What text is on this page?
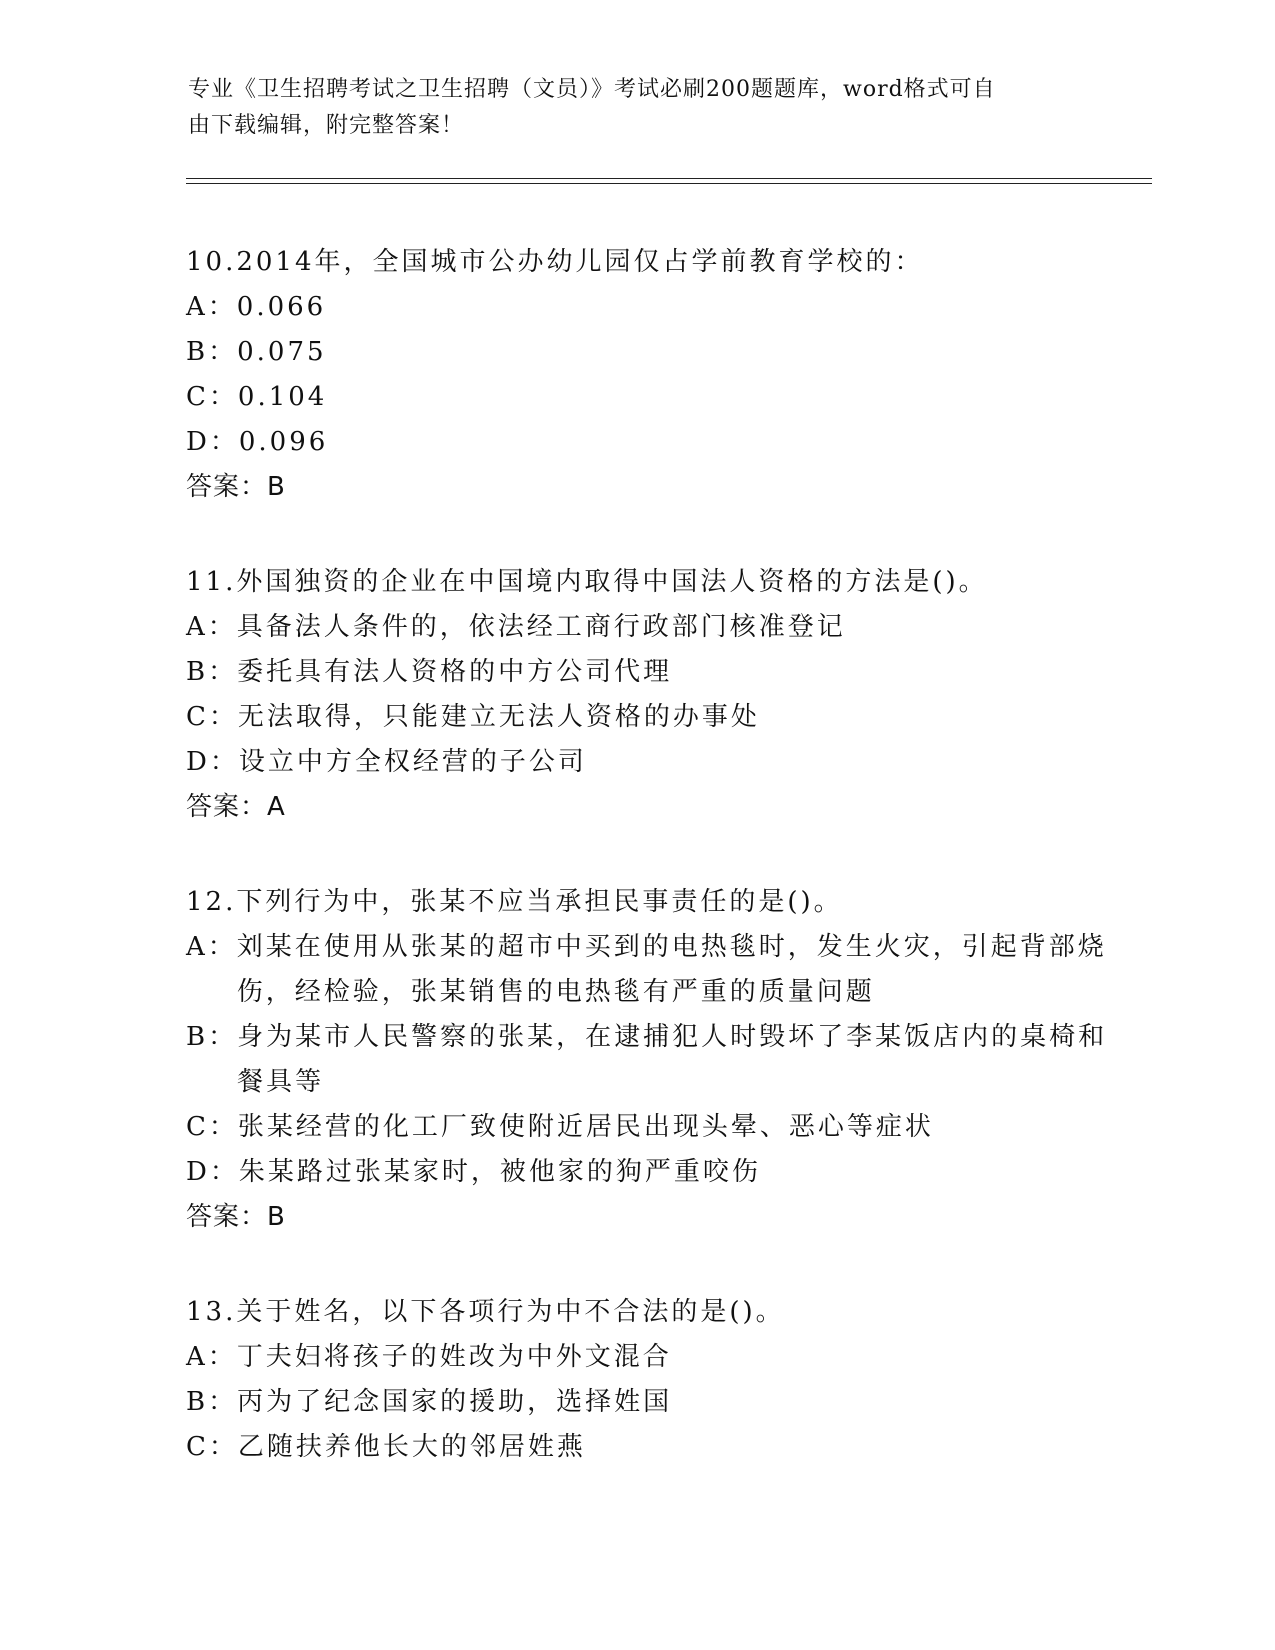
专业《卫生招聘考试之卫生招聘（文员）》考试必刷200题题库，word格式可自
由下载编辑，附完整答案！
10.2014年，全国城市公办幼儿园仅占学前教育学校的：
A： 0.066
B： 0.075
C： 0.104
D： 0.096
答案：B
11.外国独资的企业在中国境内取得中国法人资格的方法是()。
A： 具备法人条件的，依法经工商行政部门核准登记
B： 委托具有法人资格的中方公司代理
C： 无法取得，只能建立无法人资格的办事处
D： 设立中方全权经营的子公司
答案：A
12.下列行为中，张某不应当承担民事责任的是()。
A： 刘某在使用从张某的超市中买到的电热毯时，发生火灾，引起背部烧伤，经检验，张某销售的电热毯有严重的质量问题
B： 身为某市人民警察的张某，在逮捕犯人时毁坏了李某饭店内的桌椅和餐具等
C： 张某经营的化工厂致使附近居民出现头晕、恶心等症状
D： 朱某路过张某家时，被他家的狗严重咬伤
答案：B
13.关于姓名，以下各项行为中不合法的是()。
A： 丁夫妇将孩子的姓改为中外文混合
B： 丙为了纪念国家的援助，选择姓国
C： 乙随扶养他长大的邻居姓燕
